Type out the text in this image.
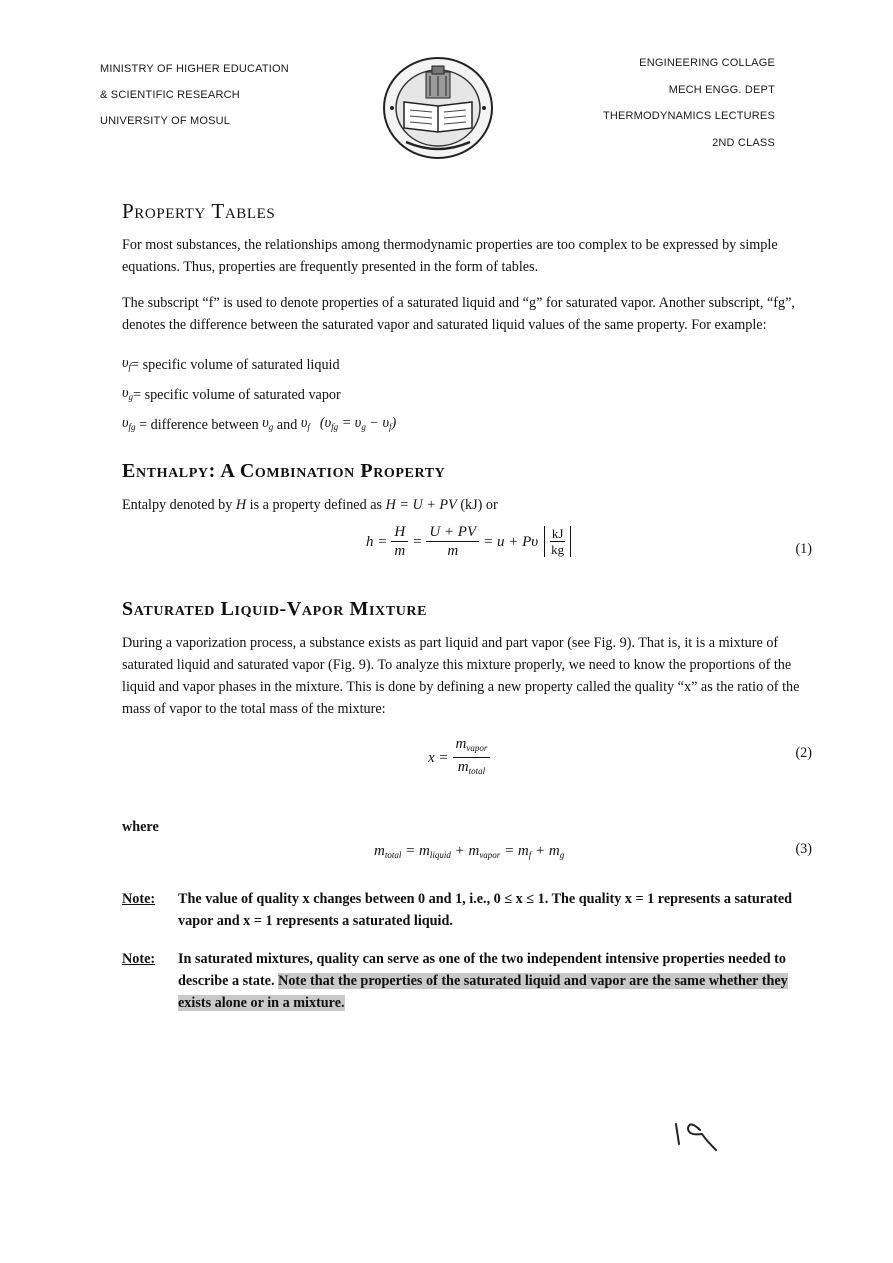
MINISTRY OF HIGHER EDUCATION
& SCIENTIFIC RESEARCH
UNIVERSITY OF MOSUL
ENGINEERING COLLAGE
MECH ENGG. DEPT
THERMODYNAMICS LECTURES
2ND CLASS
Property Tables

For most substances, the relationships among thermodynamic properties are too complex to be expressed by simple equations. Thus, properties are frequently presented in the form of tables.

The subscript “f” is used to denote properties of a saturated liquid and “g” for saturated vapor. Another subscript, “fg”, denotes the difference between the saturated vapor and saturated liquid values of the same property. For example:

$\upsilon_f$ = specific volume of saturated liquid
$\upsilon_g$ = specific volume of saturated vapor
$\upsilon_{fg}$ = difference between $\upsilon_g$ and $\upsilon_f$ $(\upsilon_{fg} = \upsilon_g - \upsilon_f)$
Enthalpy: A Combination Property

Entalpy denoted by H is a property defined as H = U + PV (kJ) or

$h = \frac{H}{m} = \frac{U + PV}{m} = u + P\upsilon \frac{kJ}{kg}$	(1)
Saturated Liquid-Vapor Mixture

During a vaporization process, a substance exists as part liquid and part vapor (see Fig. 9). That is, it is a mixture of saturated liquid and saturated vapor (Fig. 9). To analyze this mixture properly, we need to know the proportions of the liquid and vapor phases in the mixture. This is done by defining a new property called the quality “x” as the ratio of the mass of vapor to the total mass of the mixture:

$x = \frac{m_{vapor}}{m_{total}}$	(2)

where

$m_{total} = m_{liquid} + m_{vapor} = m_f + m_g$	(3)
Note:	The value of quality x changes between 0 and 1, i.e., 0 ≤ x ≤ 1. The quality x = 1 represents a saturated vapor and x = 1 represents a saturated liquid.
Note:	In saturated mixtures, quality can serve as one of the two independent intensive properties needed to describe a state. Note that the properties of the saturated liquid and vapor are the same whether they exists alone or in a mixture.
